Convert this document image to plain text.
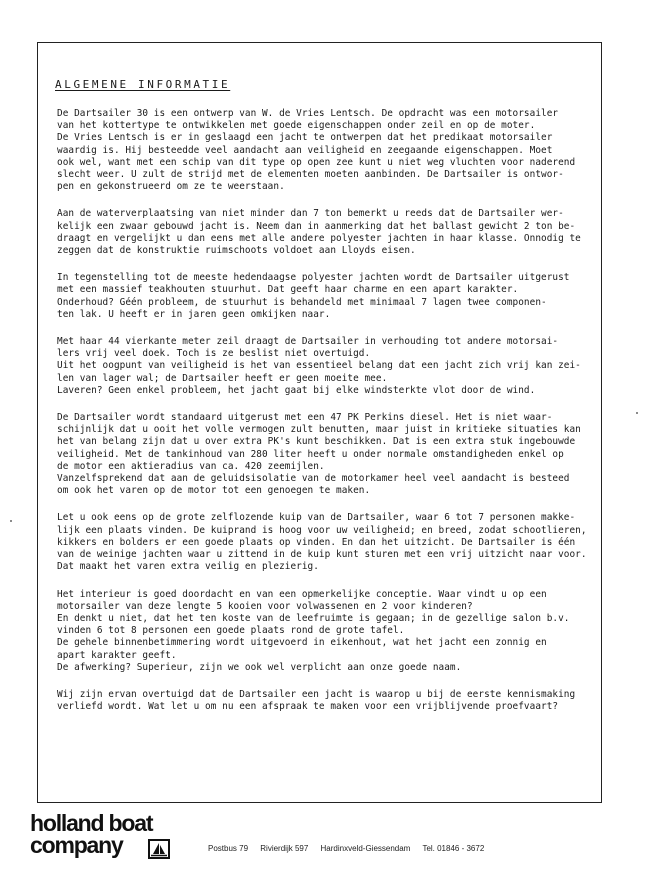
ALGEMENE INFORMATIE
De Dartsailer 30 is een ontwerp van W. de Vries Lentsch. De opdracht was een motorsailer
van het kottertype te ontwikkelen met goede eigenschappen onder zeil en op de moter.
De Vries Lentsch is er in geslaagd een jacht te ontwerpen dat het predikaat motorsailer
waardig is. Hij besteedde veel aandacht aan veiligheid en zeegaande eigenschappen. Moet
ook wel, want met een schip van dit type op open zee kunt u niet weg vluchten voor naderend
slecht weer. U zult de strijd met de elementen moeten aanbinden. De Dartsailer is ontwor-
pen en gekonstrueerd om ze te weerstaan.
Aan de waterverplaatsing van niet minder dan 7 ton bemerkt u reeds dat de Dartsailer wer-
kelijk een zwaar gebouwd jacht is. Neem dan in aanmerking dat het ballast gewicht 2 ton be-
draagt en vergelijkt u dan eens met alle andere polyester jachten in haar klasse. Onnodig te
zeggen dat de konstruktie ruimschoots voldoet aan Lloyds eisen.
In tegenstelling tot de meeste hedendaagse polyester jachten wordt de Dartsailer uitgerust
met een massief teakhouten stuurhut. Dat geeft haar charme en een apart karakter.
Onderhoud? Géén probleem, de stuurhut is behandeld met minimaal 7 lagen twee componen-
ten lak. U heeft er in jaren geen omkijken naar.
Met haar 44 vierkante meter zeil draagt de Dartsailer in verhouding tot andere motorsai-
lers vrij veel doek. Toch is ze beslist niet overtuigd.
Uit het oogpunt van veiligheid is het van essentieel belang dat een jacht zich vrij kan zei-
len van lager wal; de Dartsailer heeft er geen moeite mee.
Laveren? Geen enkel probleem, het jacht gaat bij elke windsterkte vlot door de wind.
De Dartsailer wordt standaard uitgerust met een 47 PK Perkins diesel. Het is niet waar-
schijnlijk dat u ooit het volle vermogen zult benutten, maar juist in kritieke situaties kan
het van belang zijn dat u over extra PK's kunt beschikken. Dat is een extra stuk ingebouwde
veiligheid. Met de tankinhoud van 280 liter heeft u onder normale omstandigheden enkel op
de motor een aktieradius van ca. 420 zeemijlen.
Vanzelfsprekend dat aan de geluidsisolatie van de motorkamer heel veel aandacht is besteed
om ook het varen op de motor tot een genoegen te maken.
Let u ook eens op de grote zelflozende kuip van de Dartsailer, waar 6 tot 7 personen makke-
lijk een plaats vinden. De kuiprand is hoog voor uw veiligheid; en breed, zodat schootlieren,
kikkers en bolders er een goede plaats op vinden. En dan het uitzicht. De Dartsailer is één
van de weinige jachten waar u zittend in de kuip kunt sturen met een vrij uitzicht naar voor.
Dat maakt het varen extra veilig en plezierig.
Het interieur is goed doordacht en van een opmerkelijke conceptie. Waar vindt u op een
motorsailer van deze lengte 5 kooien voor volwassenen en 2 voor kinderen?
En denkt u niet, dat het ten koste van de leefruimte is gegaan; in de gezellige salon b.v.
vinden 6 tot 8 personen een goede plaats rond de grote tafel.
De gehele binnenbetimmering wordt uitgevoerd in eikenhout, wat het jacht een zonnig en
apart karakter geeft.
De afwerking? Superieur, zijn we ook wel verplicht aan onze goede naam.
Wij zijn ervan overtuigd dat de Dartsailer een jacht is waarop u bij de eerste kennismaking
verliefd wordt. Wat let u om nu een afspraak te maken voor een vrijblijvende proefvaart?
holland boat
company	Postbus 79 Rivierdijk 597 Hardinxveld-Giessendam Tel. 01846 - 3672
